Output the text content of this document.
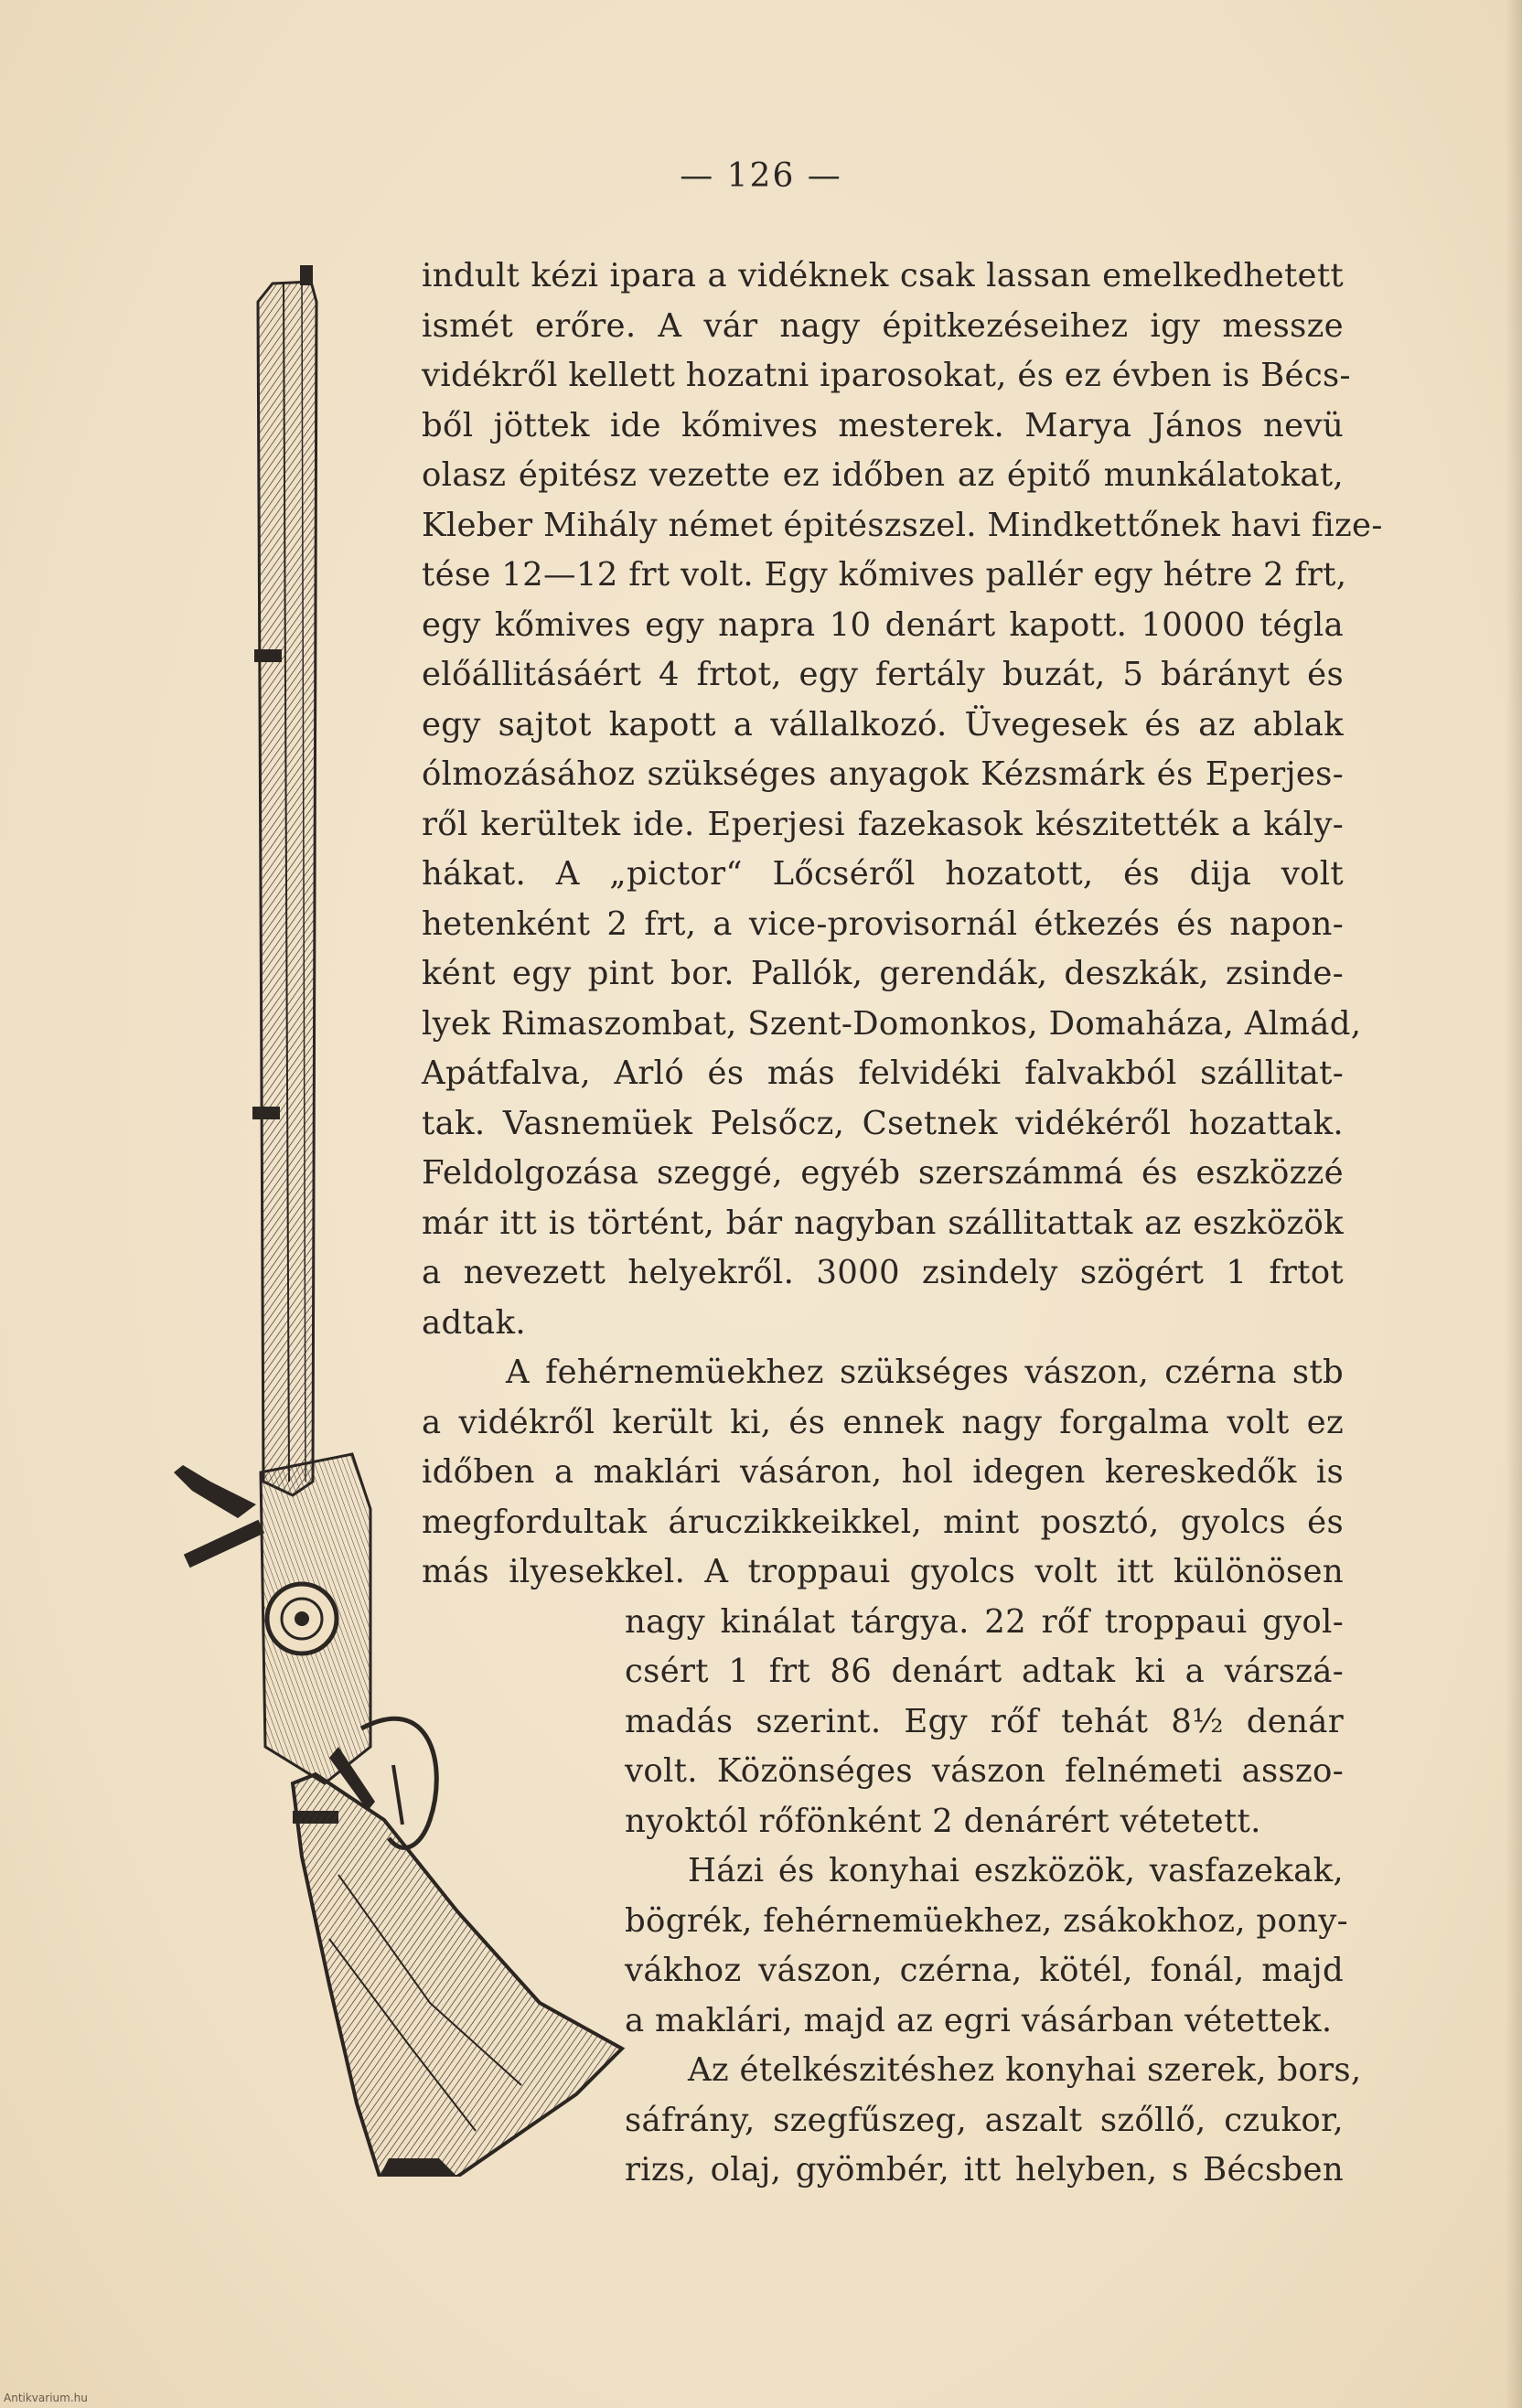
— 126 —
indult kézi ipara a vidéknek csak lassan emelkedhetett
ismét erőre. A vár nagy épitkezéseihez igy messze
vidékről kellett hozatni iparosokat, és ez évben is Bécs-
ből jöttek ide kőmives mesterek. Marya János nevü
olasz épitész vezette ez időben az épitő munkálatokat,
Kleber Mihály német épitészszel. Mindkettőnek havi fize-
tése 12—12 frt volt. Egy kőmives pallér egy hétre 2 frt,
egy kőmives egy napra 10 denárt kapott. 10000 tégla
előállitásáért 4 frtot, egy fertály buzát, 5 bárányt és
egy sajtot kapott a vállalkozó. Üvegesek és az ablak
ólmozásához szükséges anyagok Kézsmárk és Eperjes-
ről kerültek ide. Eperjesi fazekasok készitették a kály-
hákat. A „pictor“ Lőcséről hozatott, és dija volt
hetenként 2 frt, a vice-provisornál étkezés és napon-
ként egy pint bor. Pallók, gerendák, deszkák, zsinde-
lyek Rimaszombat, Szent-Domonkos, Domaháza, Almád,
Apátfalva, Arló és más felvidéki falvakból szállitat-
tak. Vasnemüek Pelsőcz, Csetnek vidékéről hozattak.
Feldolgozása szeggé, egyéb szerszámmá és eszközzé
már itt is történt, bár nagyban szállitattak az eszközök
a nevezett helyekről. 3000 zsindely szögért 1 frtot
adtak.
A fehérnemüekhez szükséges vászon, czérna stb
a vidékről került ki, és ennek nagy forgalma volt ez
időben a maklári vásáron, hol idegen kereskedők is
megfordultak áruczikkeikkel, mint posztó, gyolcs és
más ilyesekkel. A troppaui gyolcs volt itt különösen
nagy kinálat tárgya. 22 rőf troppaui gyol-
csért 1 frt 86 denárt adtak ki a várszá-
madás szerint. Egy rőf tehát 8½ denár
volt. Közönséges vászon felnémeti asszo-
nyoktól rőfönként 2 denárért vétetett.
Házi és konyhai eszközök, vasfazekak,
bögrék, fehérnemüekhez, zsákokhoz, pony-
vákhoz vászon, czérna, kötél, fonál, majd
a maklári, majd az egri vásárban vétettek.
Az ételkészitéshez konyhai szerek, bors,
sáfrány, szegfűszeg, aszalt szőllő, czukor,
rizs, olaj, gyömbér, itt helyben, s Bécsben
Antikvarium.hu
